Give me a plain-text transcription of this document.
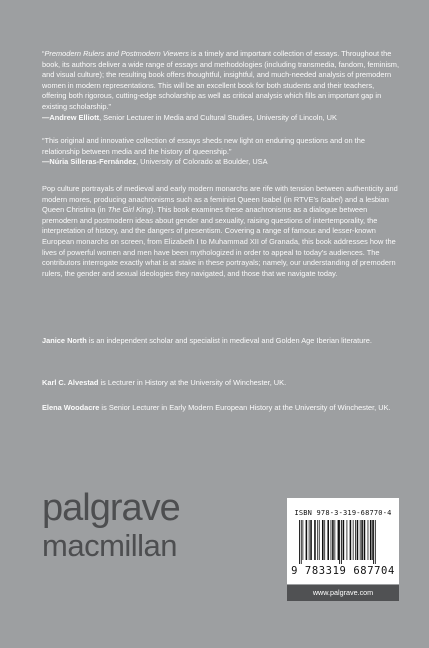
“Premodern Rulers and Postmodern Viewers is a timely and important collection of essays. Throughout the book, its authors deliver a wide range of essays and methodologies (including transmedia, fandom, feminism, and visual culture); the resulting book offers thoughtful, insightful, and much-needed analysis of premodern women in modern representations. This will be an excellent book for both students and their teachers, offering both rigorous, cutting-edge scholarship as well as critical analysis which fills an important gap in existing scholarship.”
—Andrew Elliott, Senior Lecturer in Media and Cultural Studies, University of Lincoln, UK

“This original and innovative collection of essays sheds new light on enduring questions and on the relationship between media and the history of queenship.”
—Núria Silleras-Fernández, University of Colorado at Boulder, USA

Pop culture portrayals of medieval and early modern monarchs are rife with tension between authenticity and modern mores, producing anachronisms such as a feminist Queen Isabel (in RTVE’s Isabel) and a lesbian Queen Christina (in The Girl King). This book examines these anachronisms as a dialogue between premodern and postmodern ideas about gender and sexuality, raising questions of intertemporality, the interpretation of history, and the dangers of presentism. Covering a range of famous and lesser-known European monarchs on screen, from Elizabeth I to Muhammad XII of Granada, this book addresses how the lives of powerful women and men have been mythologized in order to appeal to today’s audiences. The contributors interrogate exactly what is at stake in these portrayals; namely, our understanding of premodern rulers, the gender and sexual ideologies they navigated, and those that we navigate today.

Janice North is an independent scholar and specialist in medieval and Golden Age Iberian literature.

Karl C. Alvestad is Lecturer in History at the University of Winchester, UK.

Elena Woodacre is Senior Lecturer in Early Modern European History at the University of Winchester, UK.

palgrave
macmillan
ISBN 978-3-319-68770-4
9 783319 687704
www.palgrave.com
